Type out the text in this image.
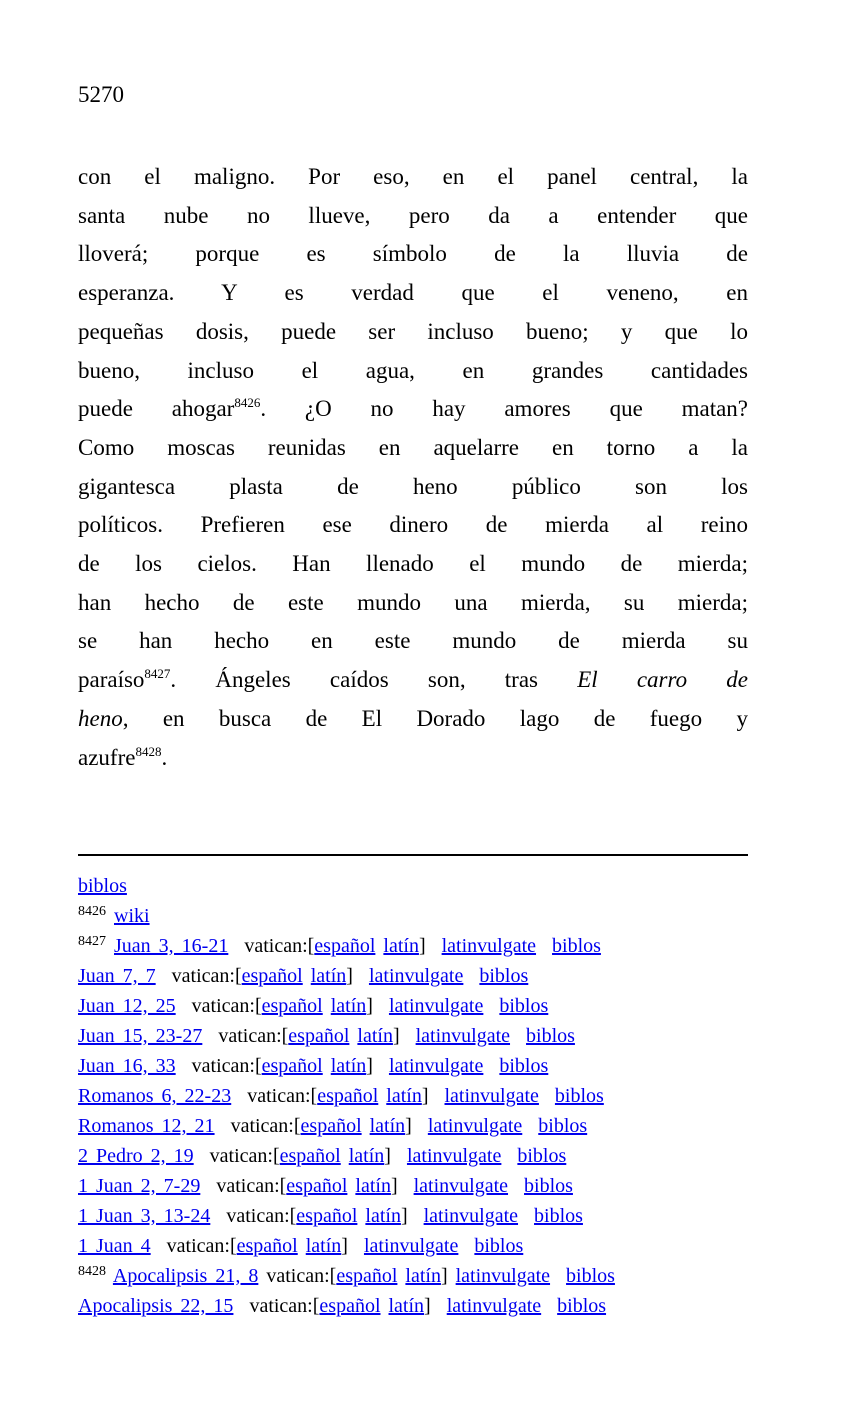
5270
con el maligno. Por eso, en el panel central, la
santa nube no llueve, pero da a entender que
lloverá; porque es símbolo de la lluvia de
esperanza. Y es verdad que el veneno, en
pequeñas dosis, puede ser incluso bueno; y que lo
bueno, incluso el agua, en grandes cantidades
puede ahogar$^{8426}$. ¿O no hay amores que matan?
Como moscas reunidas en aquelarre en torno a la
gigantesca plasta de heno público son los
políticos. Prefieren ese dinero de mierda al reino
de los cielos. Han llenado el mundo de mierda;
han hecho de este mundo una mierda, su mierda;
se han hecho en este mundo de mierda su
paraíso$^{8427}$. Ángeles caídos son, tras El carro de
heno, en busca de El Dorado lago de fuego y
azufre$^{8428}$.
biblos
$^{8426}$ wiki
$^{8427}$ Juan 3, 16-21  vatican:[español latín]  latinvulgate biblos
Juan 7, 7  vatican:[español latín]  latinvulgate biblos
Juan 12, 25  vatican:[español latín]  latinvulgate biblos
Juan 15, 23-27  vatican:[español latín]  latinvulgate biblos
Juan 16, 33  vatican:[español latín]  latinvulgate biblos
Romanos 6, 22-23  vatican:[español latín]  latinvulgate biblos
Romanos 12, 21  vatican:[español latín]  latinvulgate biblos
2 Pedro 2, 19  vatican:[español latín]  latinvulgate biblos
1 Juan 2, 7-29  vatican:[español latín]  latinvulgate biblos
1 Juan 3, 13-24  vatican:[español latín]  latinvulgate biblos
1 Juan 4  vatican:[español latín]  latinvulgate biblos
$^{8428}$ Apocalipsis 21, 8 vatican:[español latín] latinvulgate biblos
Apocalipsis 22, 15  vatican:[español latín]  latinvulgate biblos
